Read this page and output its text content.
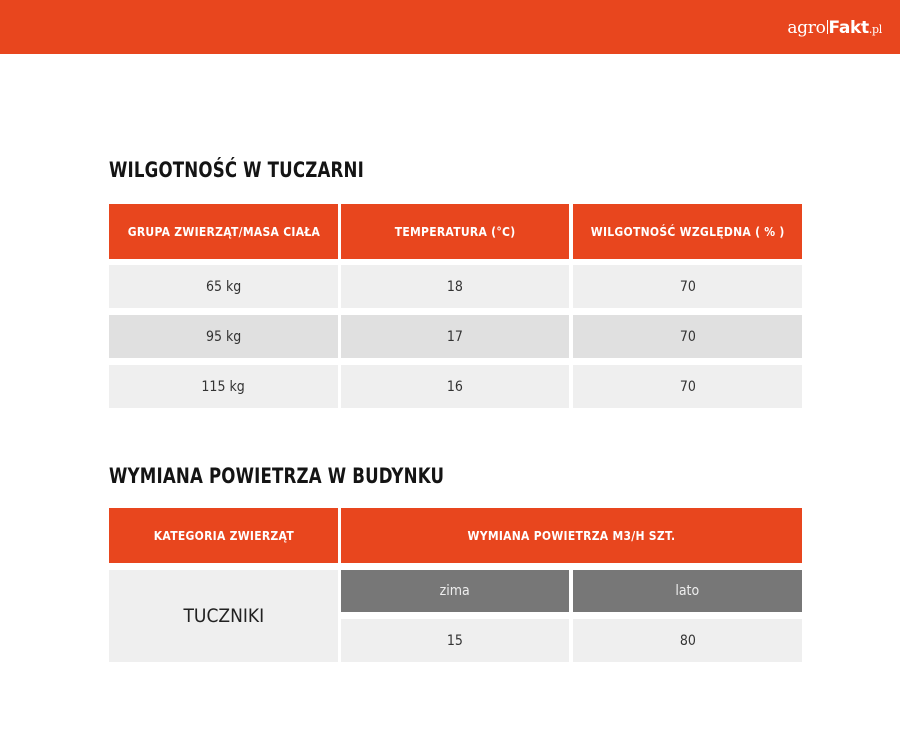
agro Fakt.pl
WILGOTNOŚĆ W TUCZARNI
GRUPA ZWIERZĄT/MASA CIAŁA	TEMPERATURA (°C)	WILGOTNOŚĆ WZGLĘDNA ( % )
65 kg	18	70
95 kg	17	70
115 kg	16	70
WYMIANA POWIETRZA W BUDYNKU
KATEGORIA ZWIERZĄT	WYMIANA POWIETRZA M3/H SZT.
TUCZNIKI
zima	lato
15	80
